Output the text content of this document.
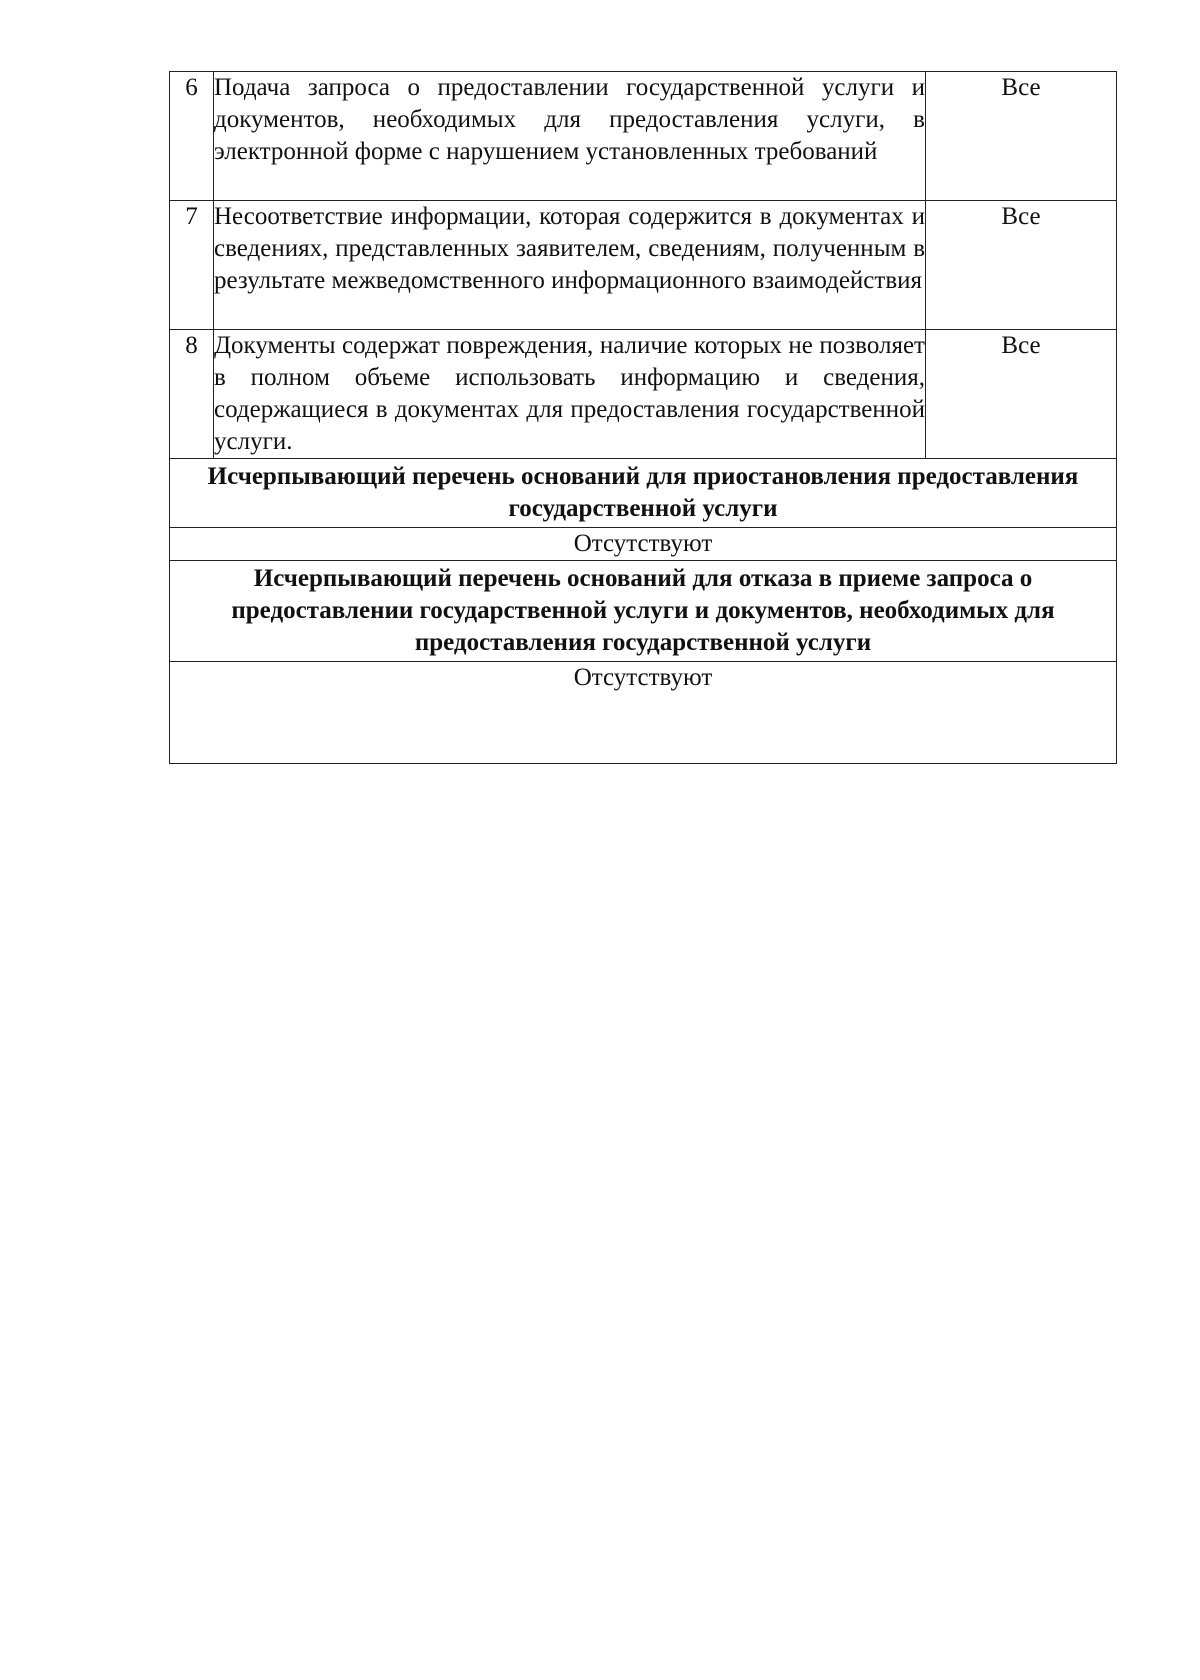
6	Подача запроса о предоставлении государственной услуги и документов, необходимых для предоставления услуги, в электронной форме с нарушением установленных требований	Все
7	Несоответствие информации, которая содержится в документах и сведениях, представленных заявителем, сведениям, полученным в результате межведомственного информационного взаимодействия	Все
8	Документы содержат повреждения, наличие которых не позволяет в полном объеме использовать информацию и сведения, содержащиеся в документах для предоставления государственной услуги.	Все
Исчерпывающий перечень оснований для приостановления предоставления государственной услуги		
Отсутствуют		
Исчерпывающий перечень оснований для отказа в приеме запроса о предоставлении государственной услуги и документов, необходимых для предоставления государственной услуги		
Отсутствуют		
